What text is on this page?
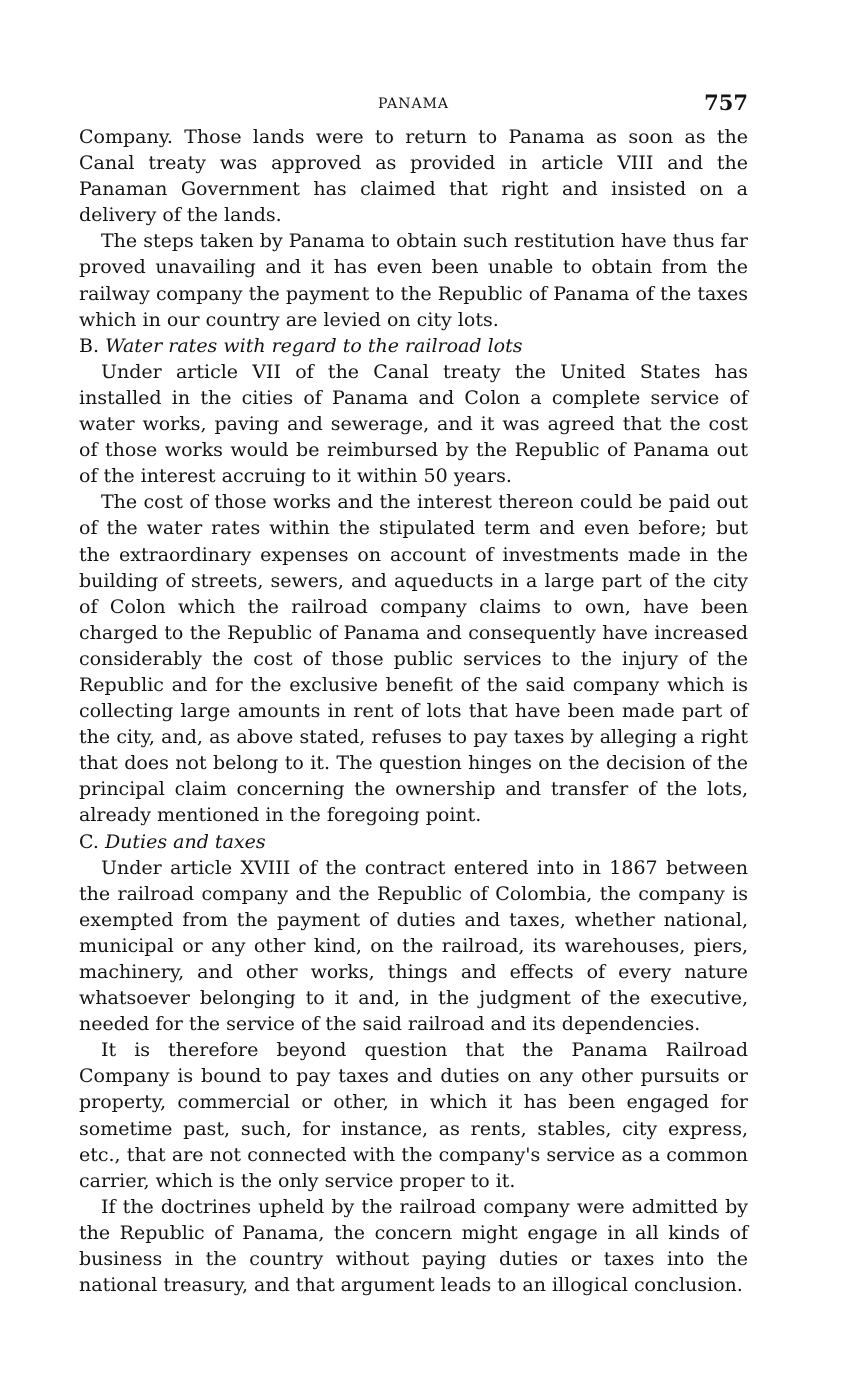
PANAMA	757

Company. Those lands were to return to Panama as soon as the Canal treaty was approved as provided in article VIII and the Panaman Government has claimed that right and insisted on a delivery of the lands.

The steps taken by Panama to obtain such restitution have thus far proved unavailing and it has even been unable to obtain from the railway company the payment to the Republic of Panama of the taxes which in our country are levied on city lots.

B. Water rates with regard to the railroad lots

Under article VII of the Canal treaty the United States has installed in the cities of Panama and Colon a complete service of water works, paving and sewerage, and it was agreed that the cost of those works would be reimbursed by the Republic of Panama out of the interest accruing to it within 50 years.

The cost of those works and the interest thereon could be paid out of the water rates within the stipulated term and even before; but the extraordinary expenses on account of investments made in the building of streets, sewers, and aqueducts in a large part of the city of Colon which the railroad company claims to own, have been charged to the Republic of Panama and consequently have increased considerably the cost of those public services to the injury of the Republic and for the exclusive benefit of the said company which is collecting large amounts in rent of lots that have been made part of the city, and, as above stated, refuses to pay taxes by alleging a right that does not belong to it. The question hinges on the decision of the principal claim concerning the ownership and transfer of the lots, already mentioned in the foregoing point.

C. Duties and taxes

Under article XVIII of the contract entered into in 1867 between the railroad company and the Republic of Colombia, the company is exempted from the payment of duties and taxes, whether national, municipal or any other kind, on the railroad, its warehouses, piers, machinery, and other works, things and effects of every nature whatsoever belonging to it and, in the judgment of the executive, needed for the service of the said railroad and its dependencies.

It is therefore beyond question that the Panama Railroad Company is bound to pay taxes and duties on any other pursuits or property, commercial or other, in which it has been engaged for sometime past, such, for instance, as rents, stables, city express, etc., that are not connected with the company's service as a common carrier, which is the only service proper to it.

If the doctrines upheld by the railroad company were admitted by the Republic of Panama, the concern might engage in all kinds of business in the country without paying duties or taxes into the national treasury, and that argument leads to an illogical conclusion.
